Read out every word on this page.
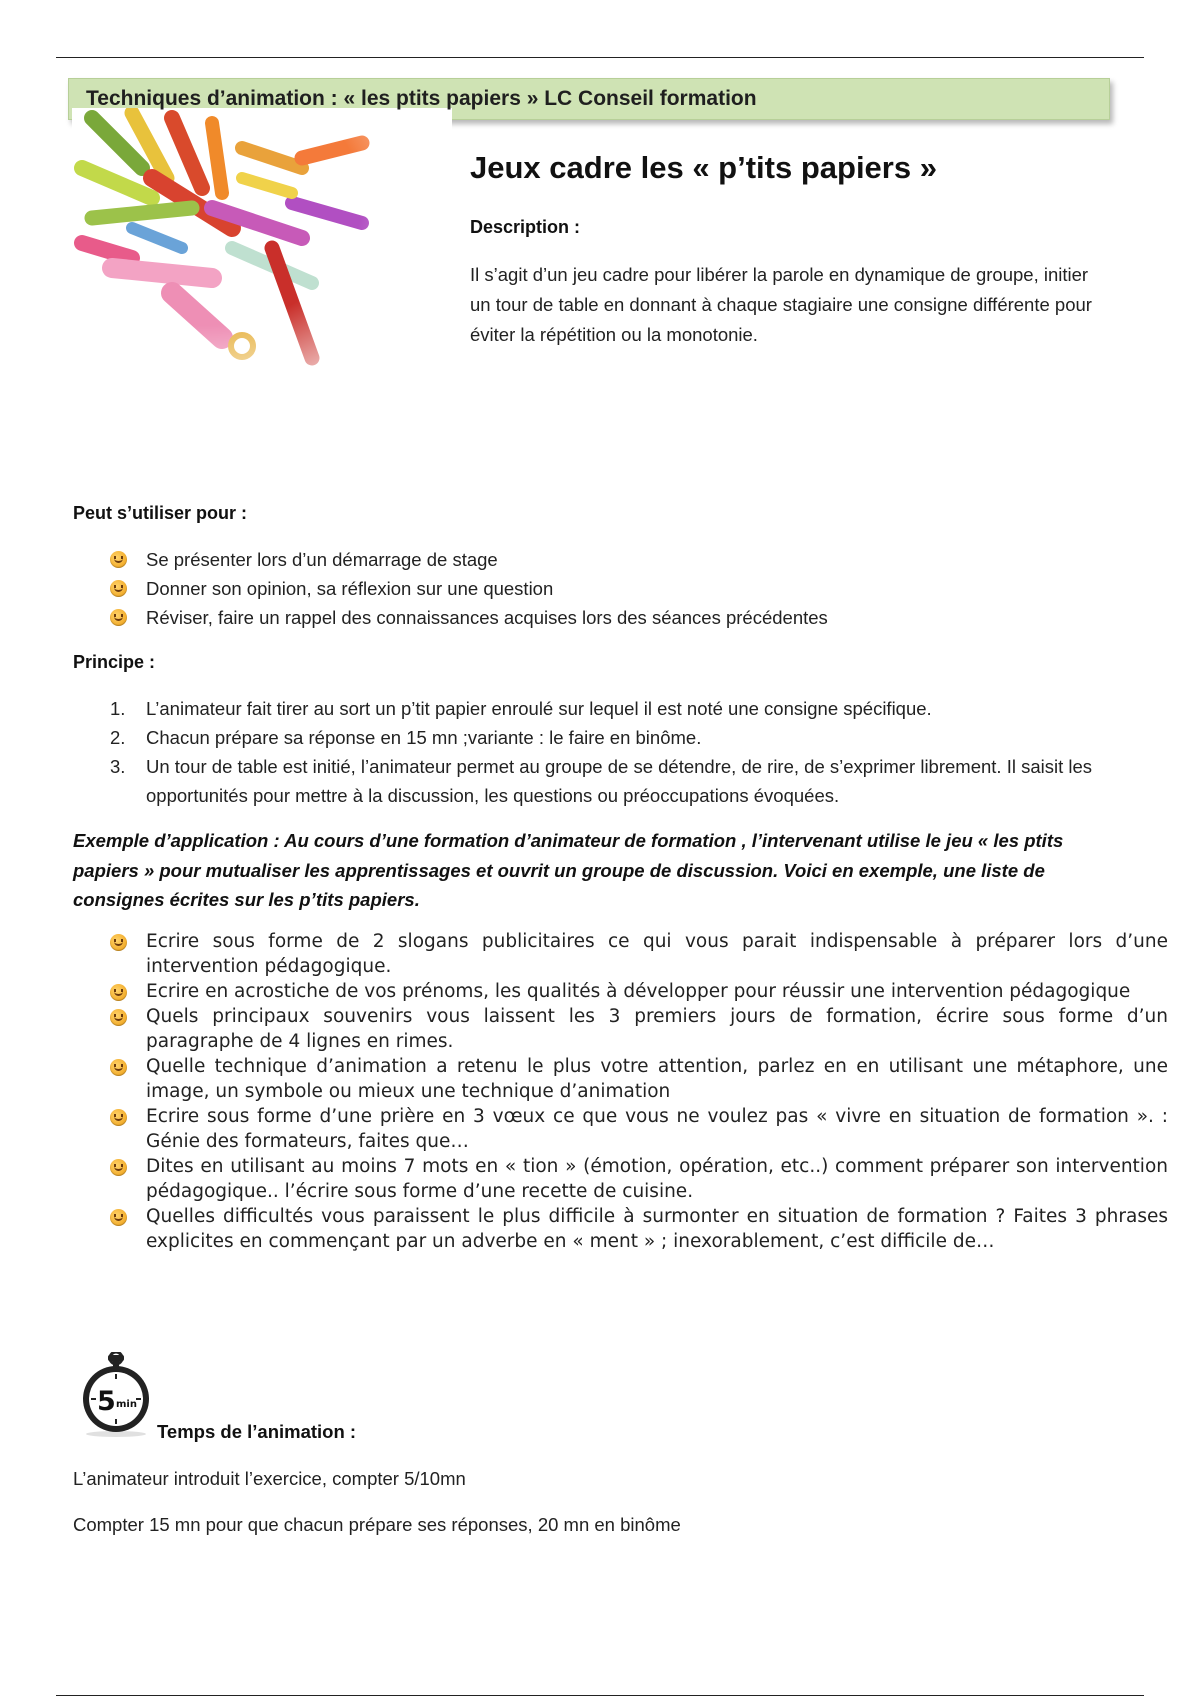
Techniques d’animation : « les ptits papiers » LC Conseil formation
Jeux cadre les « p’tits papiers »
Description :
Il s’agit d’un jeu cadre pour libérer la parole en dynamique de groupe, initier un tour de table en donnant à chaque stagiaire une consigne différente pour éviter la répétition ou la monotonie.
Peut s’utiliser pour :
Se présenter lors d’un démarrage de stage
Donner son opinion, sa réflexion sur une question
Réviser, faire un rappel des connaissances acquises lors des séances précédentes
Principe :
1. L’animateur fait tirer au sort un p’tit papier enroulé sur lequel il est noté une consigne spécifique.
2. Chacun prépare sa réponse en 15 mn ;variante : le faire en binôme.
3. Un tour de table est initié, l’animateur permet au groupe de se détendre, de rire, de s’exprimer librement. Il saisit les opportunités pour mettre à la discussion, les questions ou préoccupations évoquées.
Exemple d’application : Au cours d’une formation d’animateur de formation , l’intervenant utilise le jeu « les ptits papiers » pour mutualiser les apprentissages et ouvrit un groupe de discussion. Voici en exemple, une liste de consignes écrites sur les p’tits papiers.
Ecrire sous forme de 2 slogans publicitaires ce qui vous parait indispensable à préparer lors d’une intervention pédagogique.
Ecrire en acrostiche de vos prénoms, les qualités à développer pour réussir une intervention pédagogique
Quels principaux souvenirs vous laissent les 3 premiers jours de formation, écrire sous forme d’un paragraphe de 4 lignes en rimes.
Quelle technique d’animation a retenu le plus votre attention, parlez en en utilisant une métaphore, une image, un symbole ou mieux une technique d’animation
Ecrire sous forme d’une prière en 3 vœux ce que vous ne voulez pas « vivre en situation de formation ». : Génie des formateurs, faites que…
Dites en utilisant au moins 7 mots en « tion » (émotion, opération, etc..) comment préparer son intervention pédagogique.. l’écrire sous forme d’une recette de cuisine.
Quelles difficultés vous paraissent le plus difficile à surmonter en situation de formation ? Faites 3 phrases explicites en commençant par un adverbe en « ment » ; inexorablement, c’est difficile de…
5 min
Temps de l’animation :
L’animateur introduit l’exercice, compter 5/10mn
Compter 15 mn pour que chacun prépare ses réponses, 20 mn en binôme
